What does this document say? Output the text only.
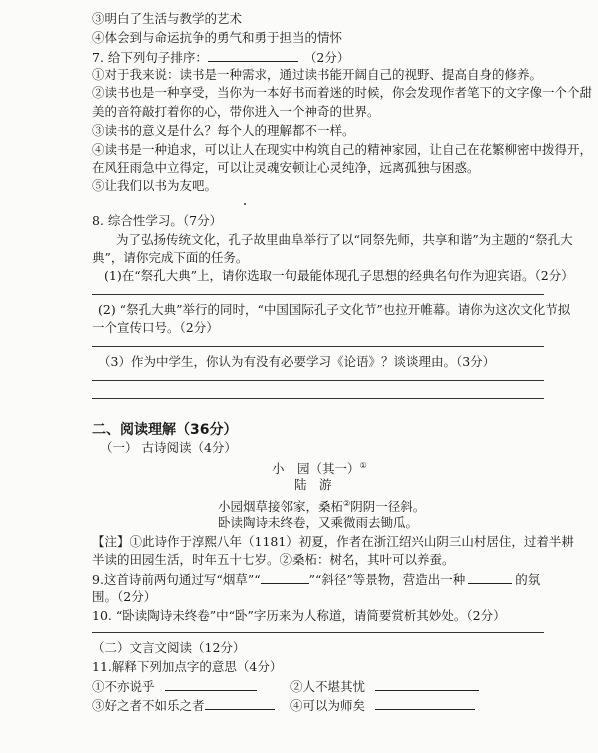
③明白了生活与教学的艺术
④体会到与命运抗争的勇气和勇于担当的情怀
7. 给下列句子排序：	（2分）
①对于我来说：读书是一种需求，通过读书能开阔自己的视野、提高自身的修养。
②读书也是一种享受，当你为一本好书而着迷的时候，你会发现作者笔下的文字像一个个甜
美的音符敲打着你的心，带你进入一个神奇的世界。
③读书的意义是什么？每个人的理解都不一样。
④读书是一种追求，可以让人在现实中构筑自己的精神家园，让自己在花繁柳密中拨得开，
在风狂雨急中立得定，可以让灵魂安顿让心灵纯净，远离孤独与困惑。
⑤让我们以书为友吧。
8. 综合性学习。（7分）
为了弘扬传统文化，孔子故里曲阜举行了以“同祭先师，共享和谐”为主题的“祭孔大
典”，请你完成下面的任务。
(1)在“祭孔大典”上，请你选取一句最能体现孔子思想的经典名句作为迎宾语。（2分）
(2) “祭孔大典”举行的同时，“中国国际孔子文化节”也拉开帷幕。请你为这次文化节拟
一个宣传口号。（2分）
（3）作为中学生，你认为有没有必要学习《论语》？谈谈理由。（3分）
二、阅读理解（36分）
（一） 古诗阅读（4分）
小　园（其一）①
陆　游
小园烟草接邻家，桑柘②阴阴一径斜。
卧读陶诗未终卷，又乘微雨去锄瓜。
【注】①此诗作于淳熙八年（1181）初夏，作者在浙江绍兴山阴三山村居住，过着半耕
半读的田园生活，时年五十七岁。②桑柘：树名，其叶可以养蚕。
9.这首诗前两句通过写“烟草”“	”“斜径”等景物，营造出一种	的氛
围。（2分）
10. “卧读陶诗未终卷”中“卧”字历来为人称道，请简要赏析其妙处。（2分）
（二）文言文阅读（12分）
11.解释下列加点字的意思（4分）
①不亦说乎	②人不堪其忧
③好之者不如乐之者	④可以为师矣
